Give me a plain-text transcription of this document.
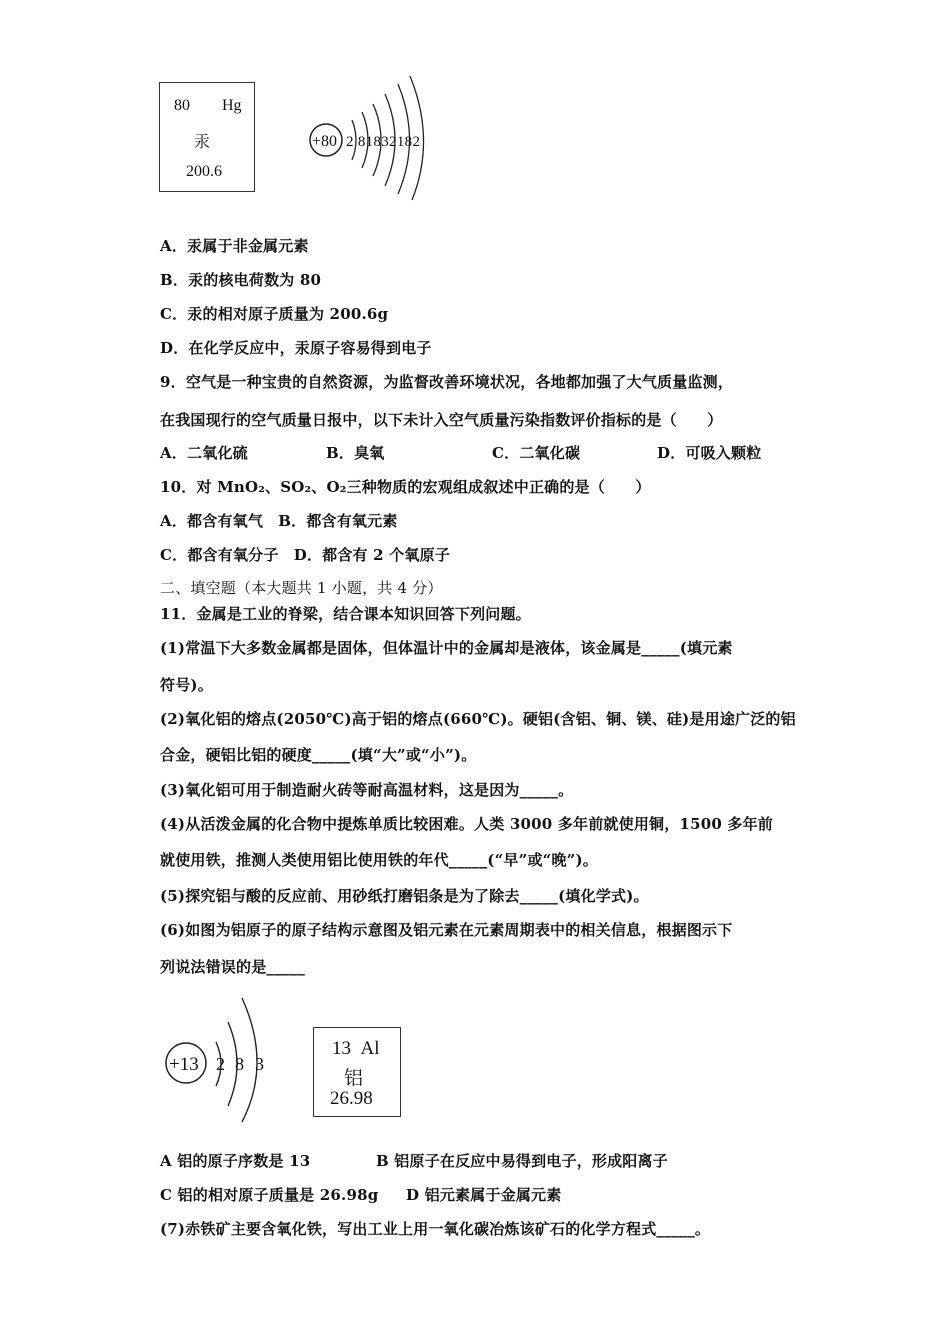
80 Hg
汞
200.6
+80 2 81832182
A．汞属于非金属元素
B．汞的核电荷数为 80
C．汞的相对原子质量为 200.6g
D．在化学反应中，汞原子容易得到电子
9．空气是一种宝贵的自然资源，为监督改善环境状况，各地都加强了大气质量监测，
在我国现行的空气质量日报中，以下未计入空气质量污染指数评价指标的是（　　）
A．二氧化硫	B．臭氧	C．二氧化碳	D．可吸入颗粒
10．对 MnO₂、SO₂、O₂三种物质的宏观组成叙述中正确的是（　　）
A．都含有氧气　B．都含有氧元素
C．都含有氧分子　D．都含有 2 个氧原子
二、填空题（本大题共 1 小题，共 4 分）
11．金属是工业的脊梁，结合课本知识回答下列问题。
(1)常温下大多数金属都是固体，但体温计中的金属却是液体，该金属是_____(填元素
符号)。
(2)氧化铝的熔点(2050℃)高于铝的熔点(660℃)。硬铝(含铝、铜、镁、硅)是用途广泛的铝
合金，硬铝比铝的硬度_____(填“大”或“小”)。
(3)氧化铝可用于制造耐火砖等耐高温材料，这是因为_____。
(4)从活泼金属的化合物中提炼单质比较困难。人类 3000 多年前就使用铜，1500 多年前
就使用铁，推测人类使用铝比使用铁的年代_____(“早”或“晚”)。
(5)探究铝与酸的反应前、用砂纸打磨铝条是为了除去_____(填化学式)。
(6)如图为铝原子的原子结构示意图及铝元素在元素周期表中的相关信息，根据图示下
列说法错误的是_____
+13 2 8 3
13 Al
铝
26.98
A 铝的原子序数是 13	B 铝原子在反应中易得到电子，形成阳离子
C 铝的相对原子质量是 26.98g D 铝元素属于金属元素
(7)赤铁矿主要含氧化铁，写出工业上用一氧化碳冶炼该矿石的化学方程式_____。
